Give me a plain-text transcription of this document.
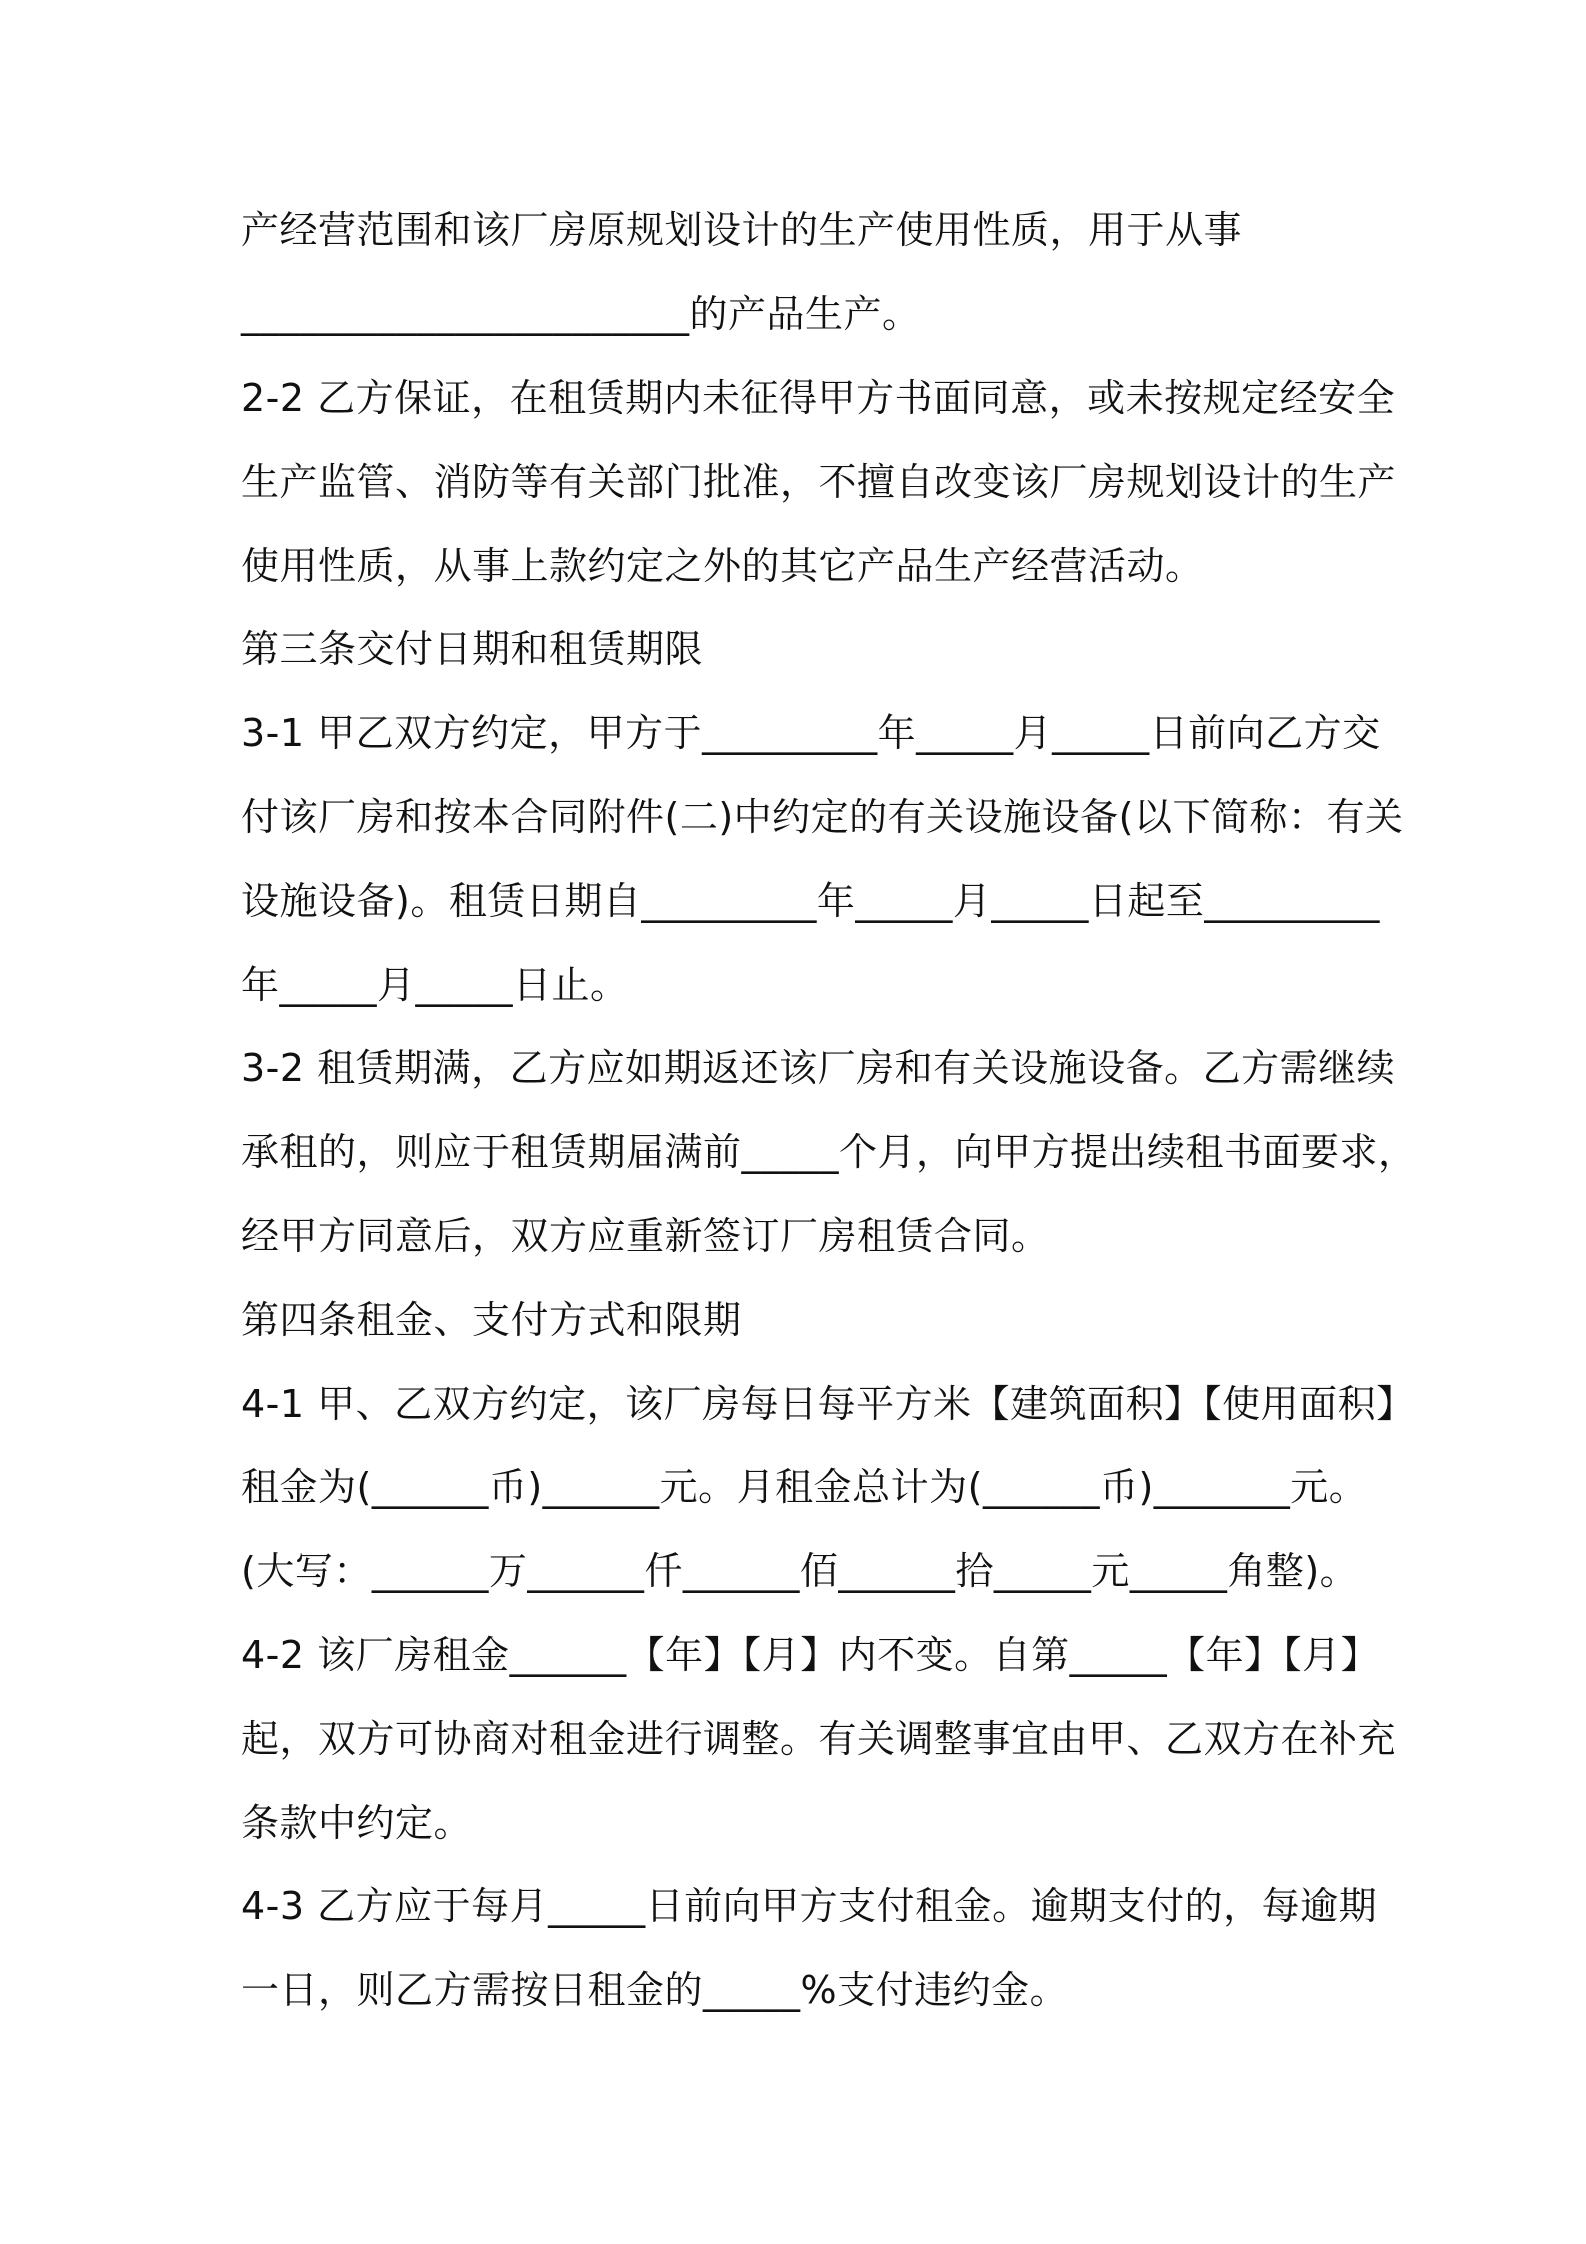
产经营范围和该厂房原规划设计的生产使用性质，用于从事
_______________________的产品生产。
2-2 乙方保证，在租赁期内未征得甲方书面同意，或未按规定经安全
生产监管、消防等有关部门批准，不擅自改变该厂房规划设计的生产
使用性质，从事上款约定之外的其它产品生产经营活动。
第三条交付日期和租赁期限
3-1 甲乙双方约定，甲方于_________年_____月_____日前向乙方交
付该厂房和按本合同附件(二)中约定的有关设施设备(以下简称：有关
设施设备)。租赁日期自_________年_____月_____日起至_________
年_____月_____日止。
3-2 租赁期满，乙方应如期返还该厂房和有关设施设备。乙方需继续
承租的，则应于租赁期届满前_____个月，向甲方提出续租书面要求，
经甲方同意后，双方应重新签订厂房租赁合同。
第四条租金、支付方式和限期
4-1 甲、乙双方约定，该厂房每日每平方米【建筑面积】【使用面积】
租金为(______币)______元。月租金总计为(______币)_______元。
(大写：______万______仟______佰______拾_____元_____角整)。
4-2 该厂房租金______【年】【月】内不变。自第_____【年】【月】
起，双方可协商对租金进行调整。有关调整事宜由甲、乙双方在补充
条款中约定。
4-3 乙方应于每月_____日前向甲方支付租金。逾期支付的，每逾期
一日，则乙方需按日租金的_____%支付违约金。
